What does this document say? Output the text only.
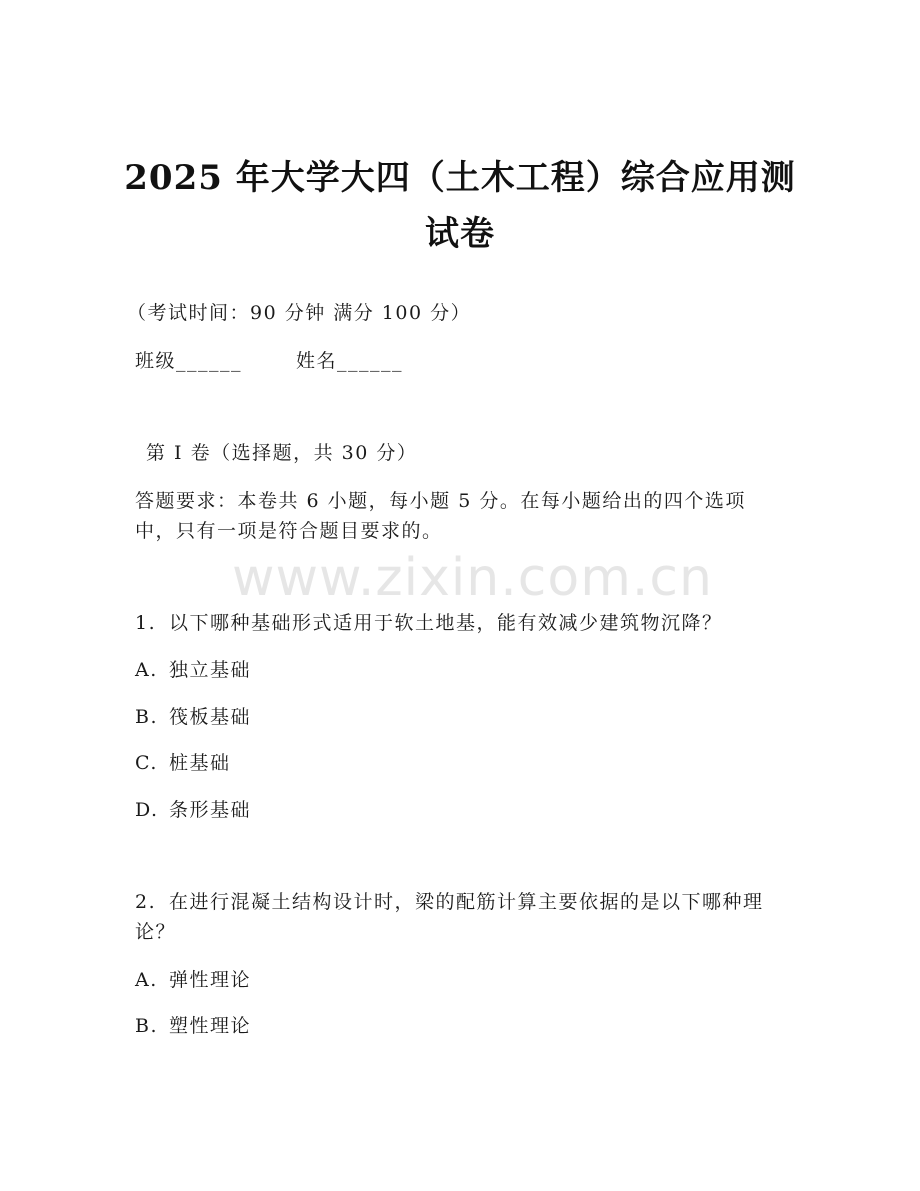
www.zixin.com.cn
2025 年大学大四（土木工程）综合应用测试卷
（考试时间：90 分钟 满分 100 分）
班级______	姓名______
第 I 卷（选择题，共 30 分）
答题要求：本卷共 6 小题，每小题 5 分。在每小题给出的四个选项中，只有一项是符合题目要求的。
1. 以下哪种基础形式适用于软土地基，能有效减少建筑物沉降？
A. 独立基础
B. 筏板基础
C. 桩基础
D. 条形基础
2. 在进行混凝土结构设计时，梁的配筋计算主要依据的是以下哪种理论？
A. 弹性理论
B. 塑性理论
